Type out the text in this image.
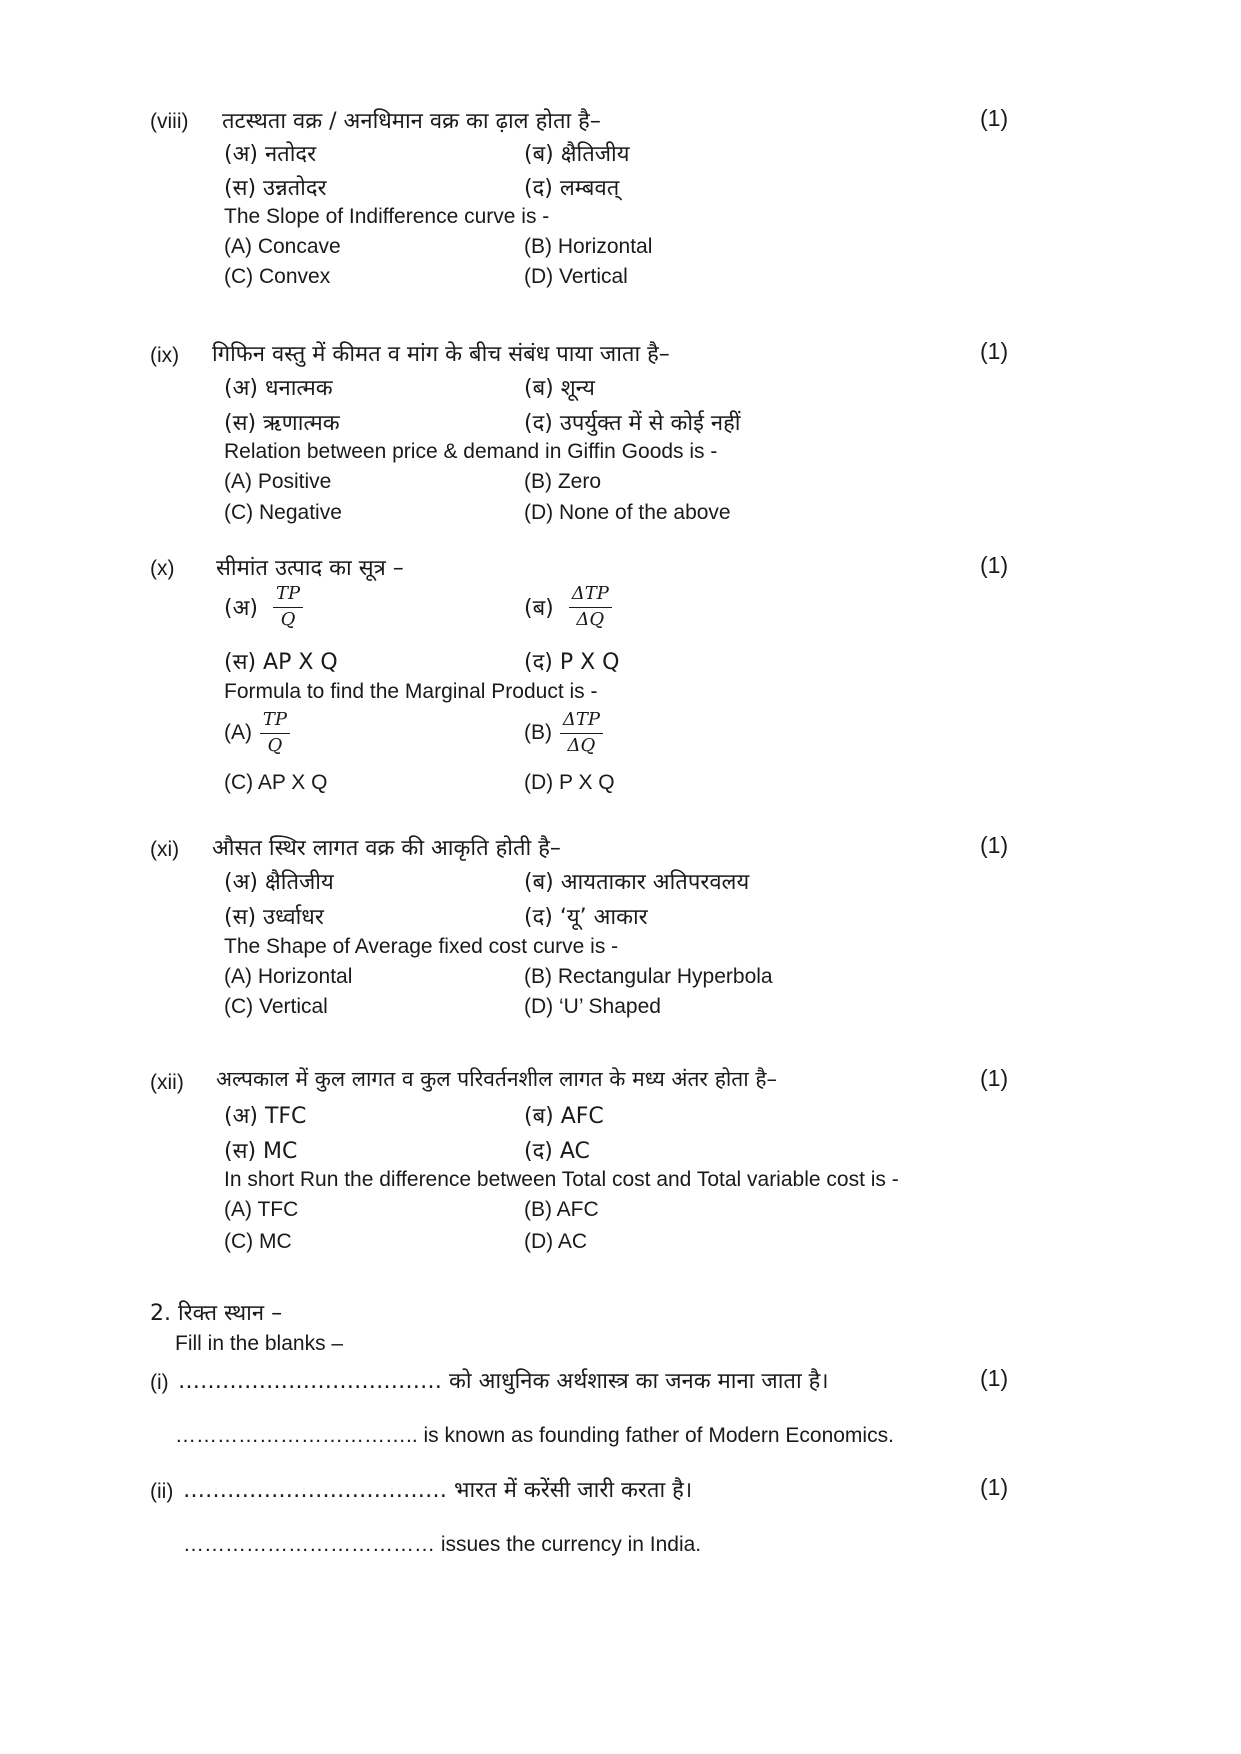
(viii) तटस्थता वक्र / अनधिमान वक्र का ढ़ाल होता है–	(1)
(अ) नतोदर	(ब) क्षैतिजीय
(स) उन्नतोदर	(द) लम्बवत्
The Slope of Indifference curve is -
(A) Concave	(B) Horizontal
(C) Convex	(D) Vertical
(ix) गिफिन वस्तु में कीमत व मांग के बीच संबंध पाया जाता है–	(1)
(अ) धनात्मक	(ब) शून्य
(स) ऋणात्मक	(द) उपर्युक्त में से कोई नहीं
Relation between price & demand in Giffin Goods is -
(A) Positive	(B) Zero
(C) Negative	(D) None of the above
(x) सीमांत उत्पाद का सूत्र –	(1)
(अ) $\frac{TP}{Q}$	(ब) $\frac{\text{ΔTP}}{\Delta Q}$
(स) AP X Q	(द) P X Q
Formula to find the Marginal Product is -
$(A) \frac{TP}{Q}$	$(B) \frac{\text{ΔTP}}{\Delta Q}$
(C) AP X Q	(D) P X Q
(xi) औसत स्थिर लागत वक्र की आकृति होती है–	(1)
(अ) क्षैतिजीय	(ब) आयताकार अतिपरवलय
(स) उर्ध्वाधर	(द) ‘यू’ आकार
The Shape of Average fixed cost curve is -
(A) Horizontal	(B) Rectangular Hyperbola
(C) Vertical	(D) ‘U’ Shaped
(xii) अल्पकाल में कुल लागत व कुल परिवर्तनशील लागत के मध्य अंतर होता है–	(1)
(अ) TFC	(ब) AFC
(स) MC	(द) AC
In short Run the difference between Total cost and Total variable cost is -
(A) TFC	(B) AFC
(C) MC	(D) AC
2. रिक्त स्थान –
Fill in the blanks –
(i) ……………………………… को आधुनिक अर्थशास्त्र का जनक माना जाता है।	(1)
…………………………….. is known as founding father of Modern Economics.
(ii) ……………………………… भारत में करेंसी जारी करता है।	(1)
……………………………… issues the currency in India.
